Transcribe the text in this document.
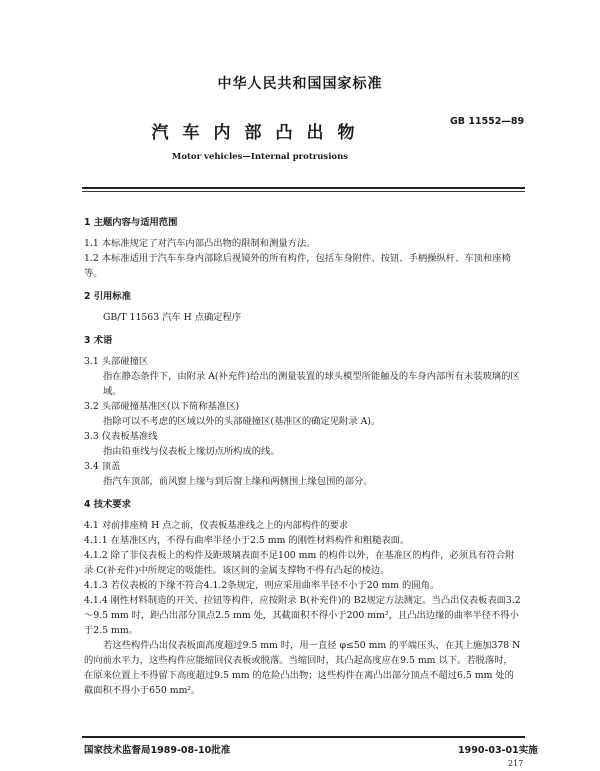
中华人民共和国国家标准
汽车内部凸出物
GB 11552—89
Motor vehicles—Internal protrusions

1 主题内容与适用范围

1.1 本标准规定了对汽车内部凸出物的限制和测量方法。

1.2 本标准适用于汽车车身内部除后视镜外的所有构件，包括车身附件、按钮、手柄操纵杆、车顶和座椅等。

2 引用标准

GB/T 11563 汽车 H 点确定程序

3 术语

3.1 头部碰撞区

指在静态条件下，由附录 A(补充件)给出的测量装置的球头模型所能触及的车身内部所有未装玻璃的区域。

3.2 头部碰撞基准区(以下简称基准区)

指除可以不考虑的区域以外的头部碰撞区(基准区的确定见附录 A)。

3.3 仪表板基准线

指由铅垂线与仪表板上缘切点所构成的线。

3.4 顶盖

指汽车顶部，前风窗上缘与到后窗上缘和两侧围上缘包围的部分。

4 技术要求

4.1 对前排座椅 H 点之前，仪表板基准线之上的内部构件的要求

4.1.1 在基准区内，不得有曲率半径小于2.5 mm 的刚性材料构件和粗糙表面。

4.1.2 除了非仪表板上的构件及距玻璃表面不足100 mm 的构件以外，在基准区的构件，必须具有符合附录 C(补充件)中所规定的吸能性。该区间的金属支撑物不得有凸起的棱边。

4.1.3 若仪表板的下缘不符合4.1.2条规定，则应采用曲率半径不小于20 mm 的圆角。

4.1.4 刚性材料制造的开关、拉钮等构件，应按附录 B(补充件)的 B2规定方法测定。当凸出仪表板表面3.2～9.5 mm 时，距凸出部分顶点2.5 mm 处，其截面积不得小于200 mm²，且凸出边缘的曲率半径不得小于2.5 mm。

若这些构件凸出仪表板面高度超过9.5 mm 时，用一直径 φ≤50 mm 的平端压头，在其上施加378 N 的向前水平力，这些构件应能缩回仪表板或脱落。当缩回时，其凸起高度应在9.5 mm 以下。若脱落时，在原来位置上不得留下高度超过9.5 mm 的危险凸出物；这些构件在离凸出部分顶点不超过6.5 mm 处的截面积不得小于650 mm²。

国家技术监督局1989-08-10批准	1990-03-01实施
217
